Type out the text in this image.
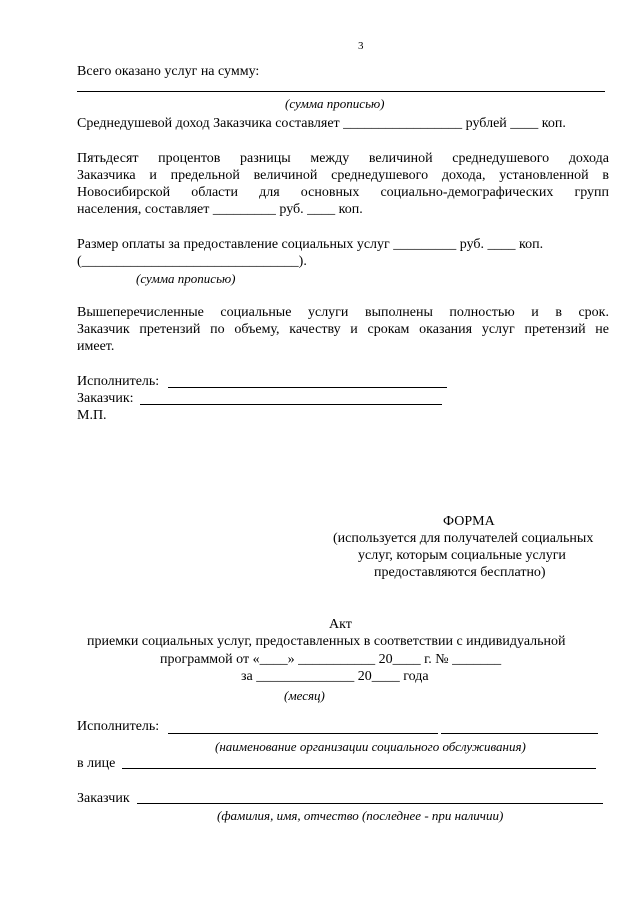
3
Всего оказано услуг на сумму:
(сумма прописью)
Среднедушевой доход Заказчика составляет _________________ рублей ____ коп.
Пятьдесят процентов разницы между величиной среднедушевого дохода
Заказчика и предельной величиной среднедушевого дохода, установленной в
Новосибирской области для основных социально-демографических групп
населения, составляет _________ руб. ____ коп.
Размер оплаты за предоставление социальных услуг _________ руб. ____ коп.
(_______________________________).
(сумма прописью)
Вышеперечисленные социальные услуги выполнены полностью и в срок.
Заказчик претензий по объему, качеству и срокам оказания услуг претензий не
имеет.
Исполнитель:
Заказчик:
М.П.
ФОРМА
(используется для получателей социальных
услуг, которым социальные услуги
предоставляются бесплатно)
Акт
приемки социальных услуг, предоставленных в соответствии с индивидуальной
программой от «____» ___________ 20____ г. № _______
за ______________ 20____ года
(месяц)
Исполнитель:
(наименование организации социального обслуживания)
в лице
Заказчик
(фамилия, имя, отчество (последнее - при наличии)
